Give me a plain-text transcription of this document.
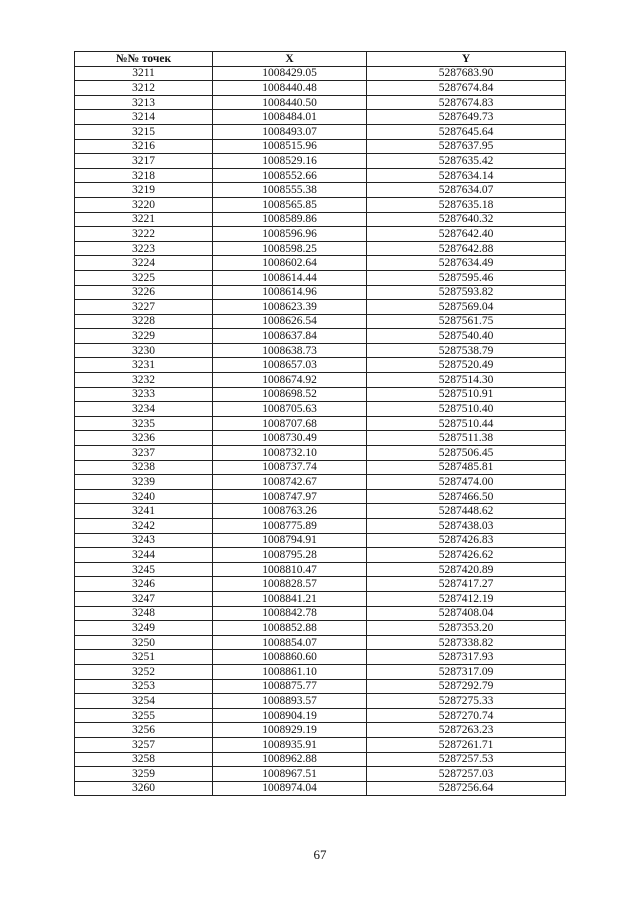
№№ точек	X	Y
3211	1008429.05	5287683.90
3212	1008440.48	5287674.84
3213	1008440.50	5287674.83
3214	1008484.01	5287649.73
3215	1008493.07	5287645.64
3216	1008515.96	5287637.95
3217	1008529.16	5287635.42
3218	1008552.66	5287634.14
3219	1008555.38	5287634.07
3220	1008565.85	5287635.18
3221	1008589.86	5287640.32
3222	1008596.96	5287642.40
3223	1008598.25	5287642.88
3224	1008602.64	5287634.49
3225	1008614.44	5287595.46
3226	1008614.96	5287593.82
3227	1008623.39	5287569.04
3228	1008626.54	5287561.75
3229	1008637.84	5287540.40
3230	1008638.73	5287538.79
3231	1008657.03	5287520.49
3232	1008674.92	5287514.30
3233	1008698.52	5287510.91
3234	1008705.63	5287510.40
3235	1008707.68	5287510.44
3236	1008730.49	5287511.38
3237	1008732.10	5287506.45
3238	1008737.74	5287485.81
3239	1008742.67	5287474.00
3240	1008747.97	5287466.50
3241	1008763.26	5287448.62
3242	1008775.89	5287438.03
3243	1008794.91	5287426.83
3244	1008795.28	5287426.62
3245	1008810.47	5287420.89
3246	1008828.57	5287417.27
3247	1008841.21	5287412.19
3248	1008842.78	5287408.04
3249	1008852.88	5287353.20
3250	1008854.07	5287338.82
3251	1008860.60	5287317.93
3252	1008861.10	5287317.09
3253	1008875.77	5287292.79
3254	1008893.57	5287275.33
3255	1008904.19	5287270.74
3256	1008929.19	5287263.23
3257	1008935.91	5287261.71
3258	1008962.88	5287257.53
3259	1008967.51	5287257.03
3260	1008974.04	5287256.64
67
